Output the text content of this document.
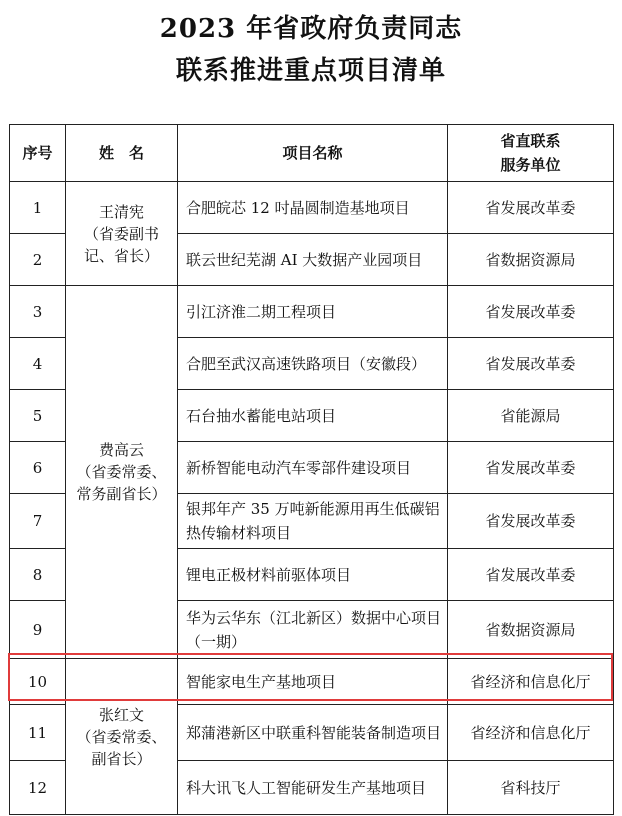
2023 年省政府负责同志
联系推进重点项目清单
序号	姓　名	项目名称	省直联系
服务单位

1	王清宪
（省委副书
记、省长）	合肥皖芯 12 吋晶圆制造基地项目	省发展改革委
2		联云世纪芜湖 AI 大数据产业园项目	省数据资源局
3	费高云
（省委常委、
常务副省长）	引江济淮二期工程项目	省发展改革委
4		合肥至武汉高速铁路项目（安徽段）	省发展改革委
5		石台抽水蓄能电站项目	省能源局
6		新桥智能电动汽车零部件建设项目	省发展改革委
7		银邦年产 35 万吨新能源用再生低碳铝热传输材料项目	省发展改革委
8		锂电正极材料前驱体项目	省发展改革委
9		华为云华东（江北新区）数据中心项目（一期）	省数据资源局
10	张红文
（省委常委、
副省长）	智能家电生产基地项目	省经济和信息化厅
11		郑蒲港新区中联重科智能装备制造项目	省经济和信息化厅
12		科大讯飞人工智能研发生产基地项目	省科技厅
